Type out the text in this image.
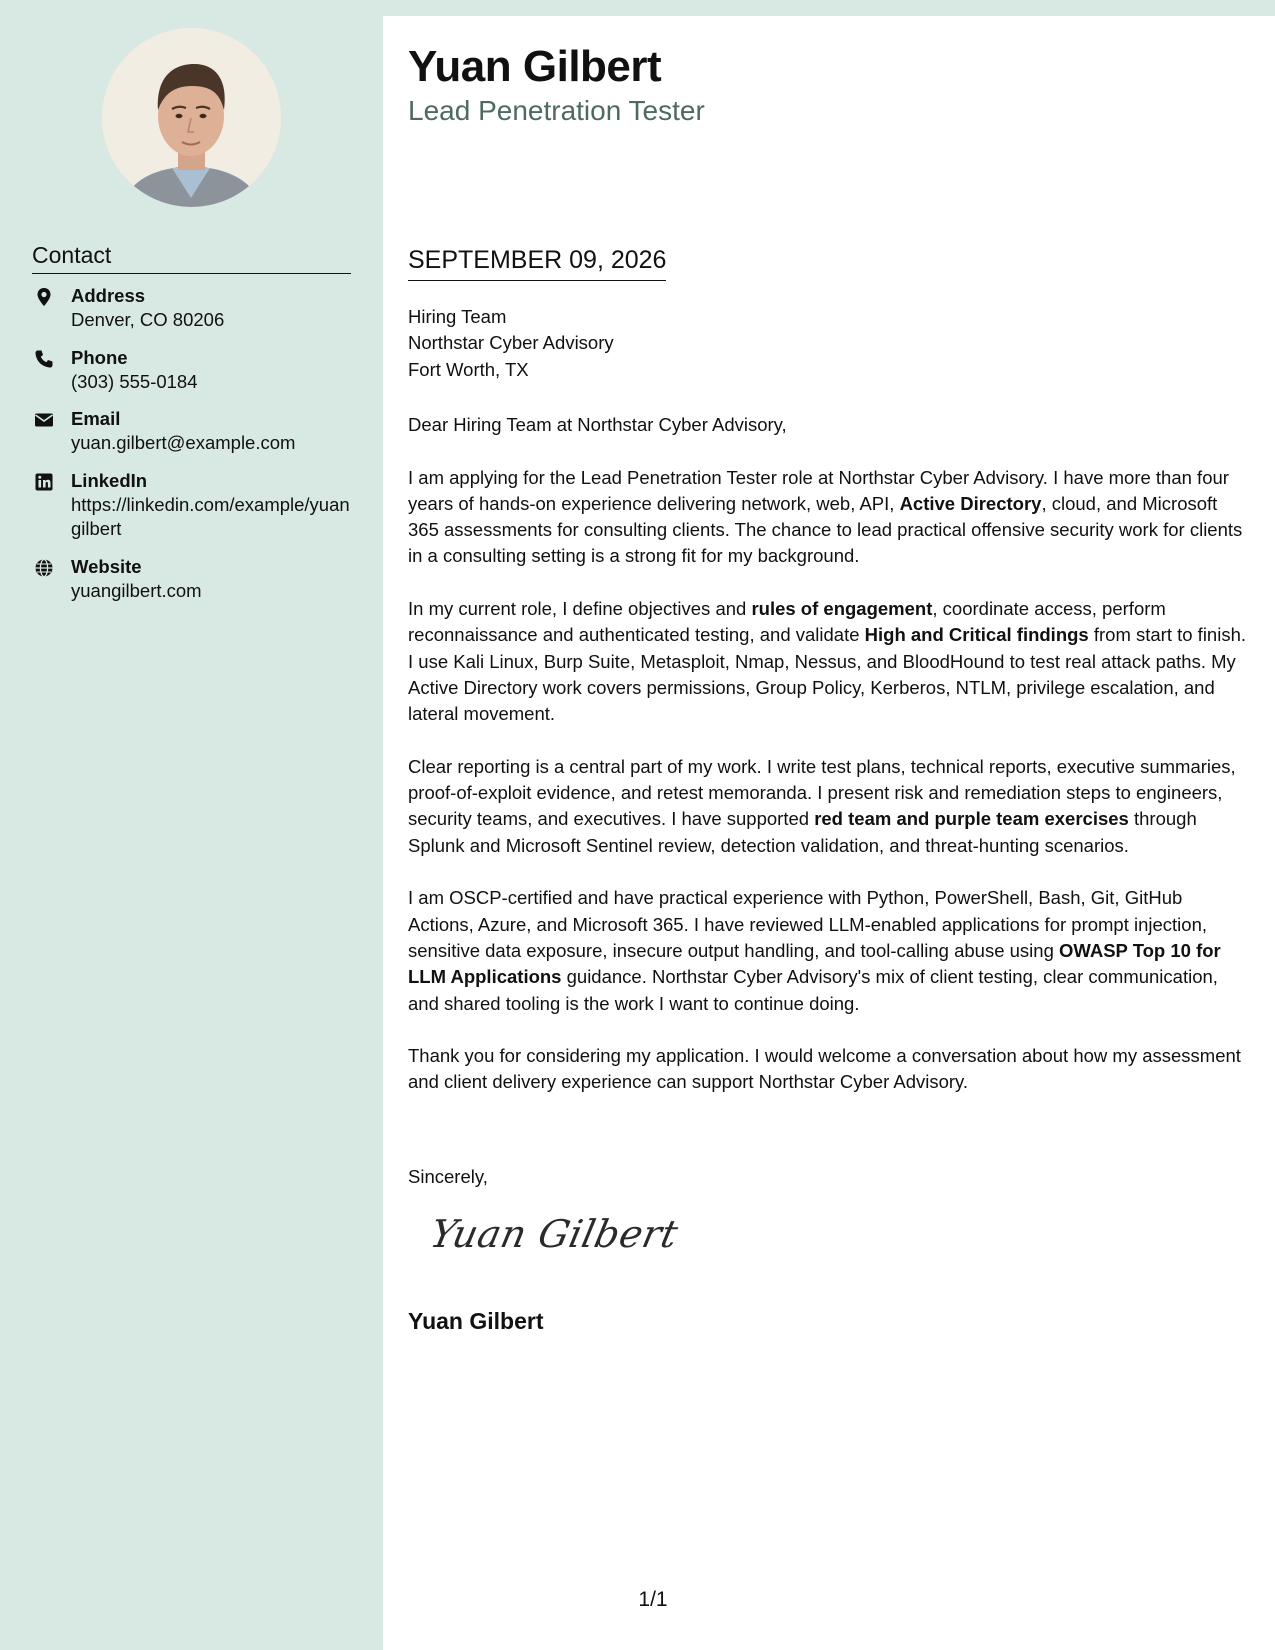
Contact
Address
Denver, CO 80206
Phone
(303) 555-0184
Email
yuan.gilbert@example.com
LinkedIn
https://linkedin.com/example/yuangilbert
Website
yuangilbert.com
Yuan Gilbert
Lead Penetration Tester
SEPTEMBER 09, 2026
Hiring Team
Northstar Cyber Advisory
Fort Worth, TX

Dear Hiring Team at Northstar Cyber Advisory,

I am applying for the Lead Penetration Tester role at Northstar Cyber Advisory. I have more than four years of hands-on experience delivering network, web, API, Active Directory, cloud, and Microsoft 365 assessments for consulting clients. The chance to lead practical offensive security work for clients in a consulting setting is a strong fit for my background.

In my current role, I define objectives and rules of engagement, coordinate access, perform reconnaissance and authenticated testing, and validate High and Critical findings from start to finish. I use Kali Linux, Burp Suite, Metasploit, Nmap, Nessus, and BloodHound to test real attack paths. My Active Directory work covers permissions, Group Policy, Kerberos, NTLM, privilege escalation, and lateral movement.

Clear reporting is a central part of my work. I write test plans, technical reports, executive summaries, proof-of-exploit evidence, and retest memoranda. I present risk and remediation steps to engineers, security teams, and executives. I have supported red team and purple team exercises through Splunk and Microsoft Sentinel review, detection validation, and threat-hunting scenarios.

I am OSCP-certified and have practical experience with Python, PowerShell, Bash, Git, GitHub Actions, Azure, and Microsoft 365. I have reviewed LLM-enabled applications for prompt injection, sensitive data exposure, insecure output handling, and tool-calling abuse using OWASP Top 10 for LLM Applications guidance. Northstar Cyber Advisory's mix of client testing, clear communication, and shared tooling is the work I want to continue doing.

Thank you for considering my application. I would welcome a conversation about how my assessment and client delivery experience can support Northstar Cyber Advisory.

Sincerely,
Yuan Gilbert
Yuan Gilbert
1/1
